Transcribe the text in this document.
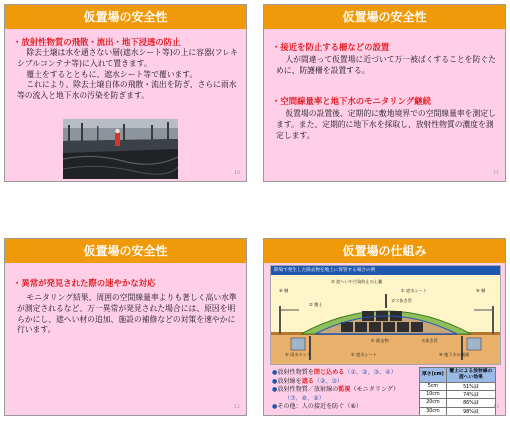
仮置場の安全性
・放射性物質の飛散・流出・地下浸透の防止

除去土壌は水を通さない層(遮水シート等)の上に容器(フレキシブルコンテナ等)に入れて置きます。

覆土をするとともに、遮水シート等で覆います。

これにより、除去土壌自体の飛散・流出を防ぎ、さらに雨水等の流入と地下水の汚染を防ぎます。

10
仮置場の安全性
・接近を防止する柵などの設置

人が間違って仮置場に近づいて万一被ばくすることを防ぐために、防護柵を設置する。

・空間線量率と地下水のモニタリング継続

仮置場の設置後、定期的に敷地境界での空間線量率を測定します。また、定期的に地下水を採取し、放射性物質の濃度を測定します。

11
仮置場の安全性
・異常が発見された際の速やかな対応

モニタリング結果、周囲の空間線量率よりも著しく高い水準が測定されるなど、万一異常が発見された場合には、原因を明らかにし、遮へい材の追加、施設の補修などの対策を速やかに行います。

12
仮置場の仕組み
除染で発生した除去物を地上に保管する場合の例
⑥ 柵	⑥ 柵
② 遮へいや汚染防止の土嚢
① 遮水シート
② 覆土
ガス抜き管
① 除去物
⑤ 雨水タンク
水抜き管
① 遮水シート	④ 地下水の観測
●放射性物質を閉じ込める（①、②、③、④）
●放射線を遮る（②、③）
●放射性物質／放射線の監視（モニタリング）
（⑦、⑧、⑨）
●その他：人の接近を防ぐ（⑥）
厚さ(cm)	覆土による放射線の遮へい効果
5cm	51%減
10cm	74%減
20cm	86%減
30cm	98%減
13
